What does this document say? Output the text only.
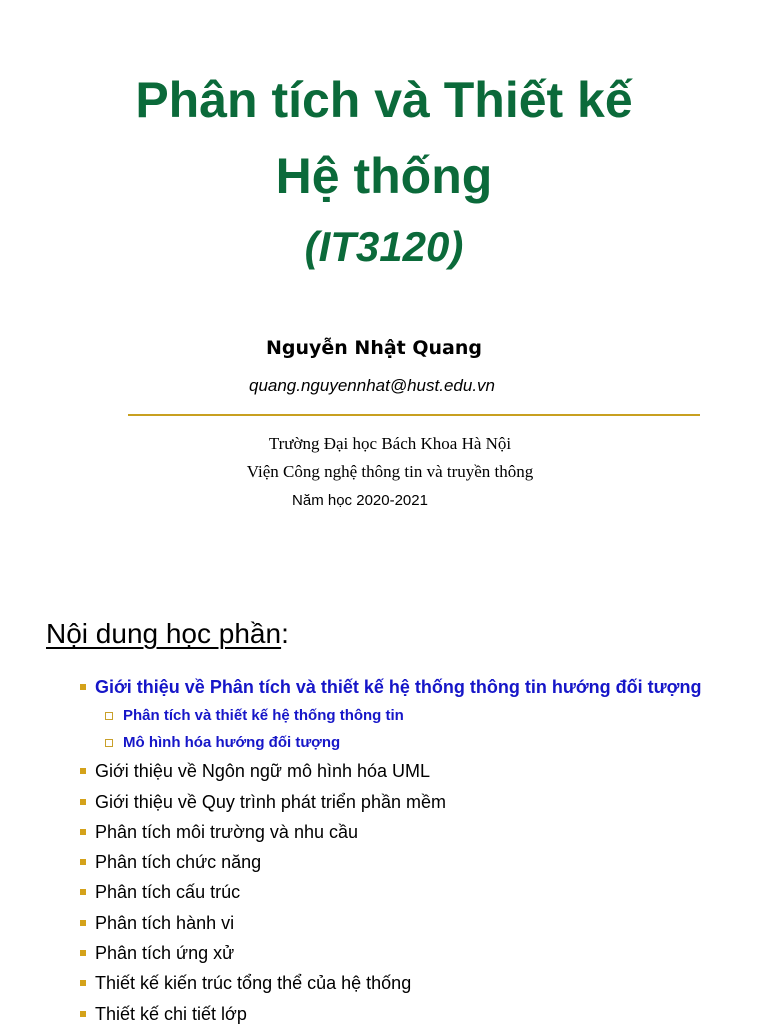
Phân tích và Thiết kế
Hệ thống
(IT3120)
Nguyễn Nhật Quang
quang.nguyennhat@hust.edu.vn
Trường Đại học Bách Khoa Hà Nội
Viện Công nghệ thông tin và truyền thông
Năm học 2020-2021
Nội dung học phần:
Giới thiệu về Phân tích và thiết kế hệ thống thông tin hướng đối tượng
Phân tích và thiết kế hệ thống thông tin
Mô hình hóa hướng đối tượng
Giới thiệu về Ngôn ngữ mô hình hóa UML
Giới thiệu về Quy trình phát triển phần mềm
Phân tích môi trường và nhu cầu
Phân tích chức năng
Phân tích cấu trúc
Phân tích hành vi
Phân tích ứng xử
Thiết kế kiến trúc tổng thể của hệ thống
Thiết kế chi tiết lớp
